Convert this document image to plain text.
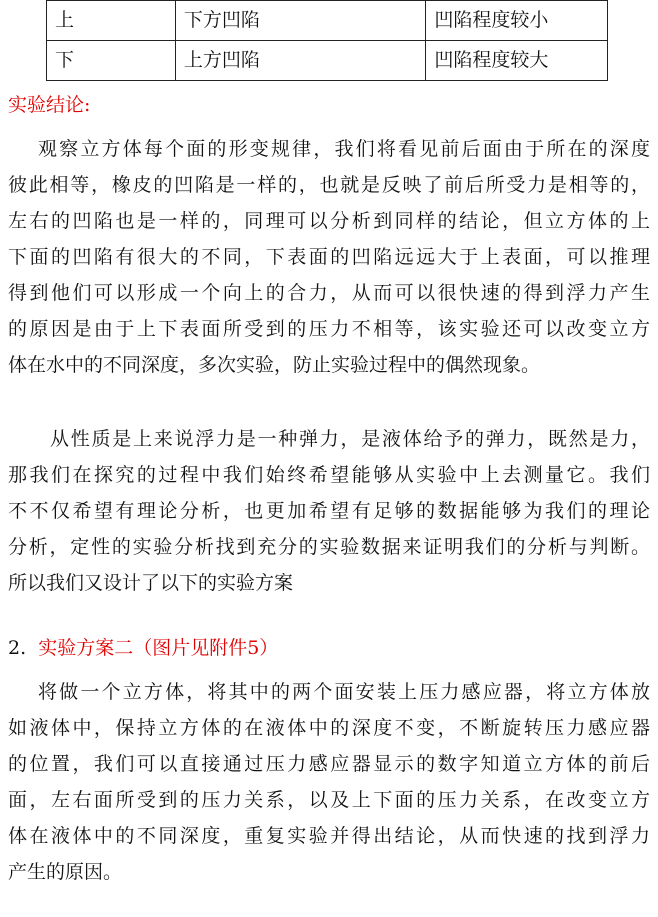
上	下方凹陷	凹陷程度较小
下	上方凹陷	凹陷程度较大
实验结论:
观察立方体每个面的形变规律，我们将看见前后面由于所在的深度
彼此相等，橡皮的凹陷是一样的，也就是反映了前后所受力是相等的，
左右的凹陷也是一样的，同理可以分析到同样的结论，但立方体的上
下面的凹陷有很大的不同，下表面的凹陷远远大于上表面，可以推理
得到他们可以形成一个向上的合力，从而可以很快速的得到浮力产生
的原因是由于上下表面所受到的压力不相等，该实验还可以改变立方
体在水中的不同深度，多次实验，防止实验过程中的偶然现象。
从性质是上来说浮力是一种弹力，是液体给予的弹力，既然是力，
那我们在探究的过程中我们始终希望能够从实验中上去测量它。我们
不不仅希望有理论分析，也更加希望有足够的数据能够为我们的理论
分析，定性的实验分析找到充分的实验数据来证明我们的分析与判断。
所以我们又设计了以下的实验方案
2. 实验方案二（图片见附件5）
将做一个立方体，将其中的两个面安装上压力感应器，将立方体放
如液体中，保持立方体的在液体中的深度不变，不断旋转压力感应器
的位置，我们可以直接通过压力感应器显示的数字知道立方体的前后
面，左右面所受到的压力关系，以及上下面的压力关系，在改变立方
体在液体中的不同深度，重复实验并得出结论，从而快速的找到浮力
产生的原因。
